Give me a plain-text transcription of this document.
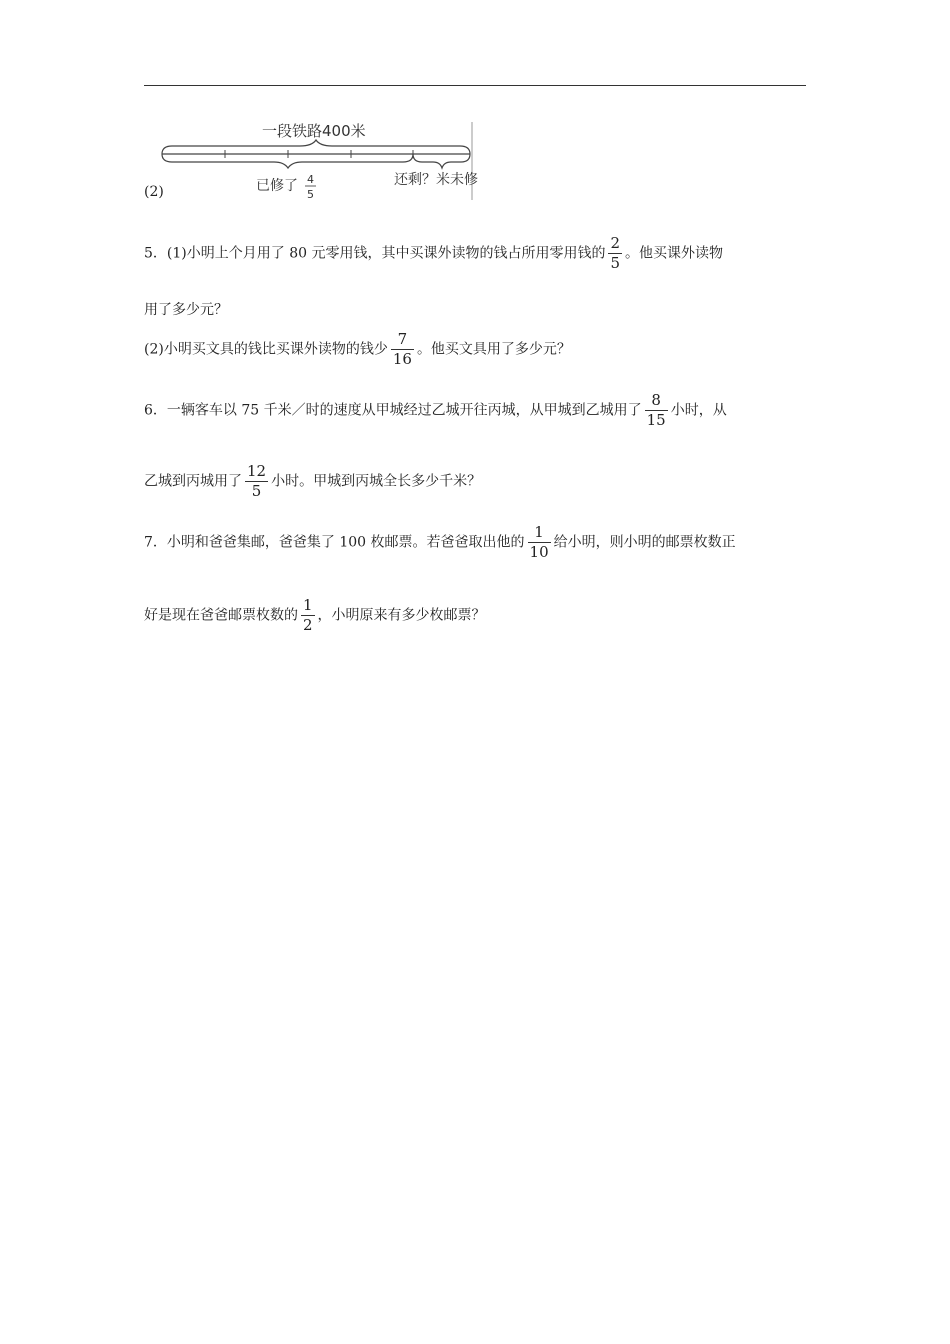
一段铁路400米
已修了 4
5
还剩？米未修
(2)
5．(1)小明上个月用了 80 元零用钱，其中买课外读物的钱占所用零用钱的 $\frac{2}{5}$ 。他买课外读物
用了多少元？
(2)小明买文具的钱比买课外读物的钱少 $\frac{7}{16}$ 。他买文具用了多少元？
6．一辆客车以 75 千米／时的速度从甲城经过乙城开往丙城，从甲城到乙城用了 $\frac{8}{15}$ 小时，从
乙城到丙城用了 $\frac{12}{5}$ 小时。甲城到丙城全长多少千米？
7．小明和爸爸集邮，爸爸集了 100 枚邮票。若爸爸取出他的 $\frac{1}{10}$ 给小明，则小明的邮票枚数正
好是现在爸爸邮票枚数的 $\frac{1}{2}$ ，小明原来有多少枚邮票？
